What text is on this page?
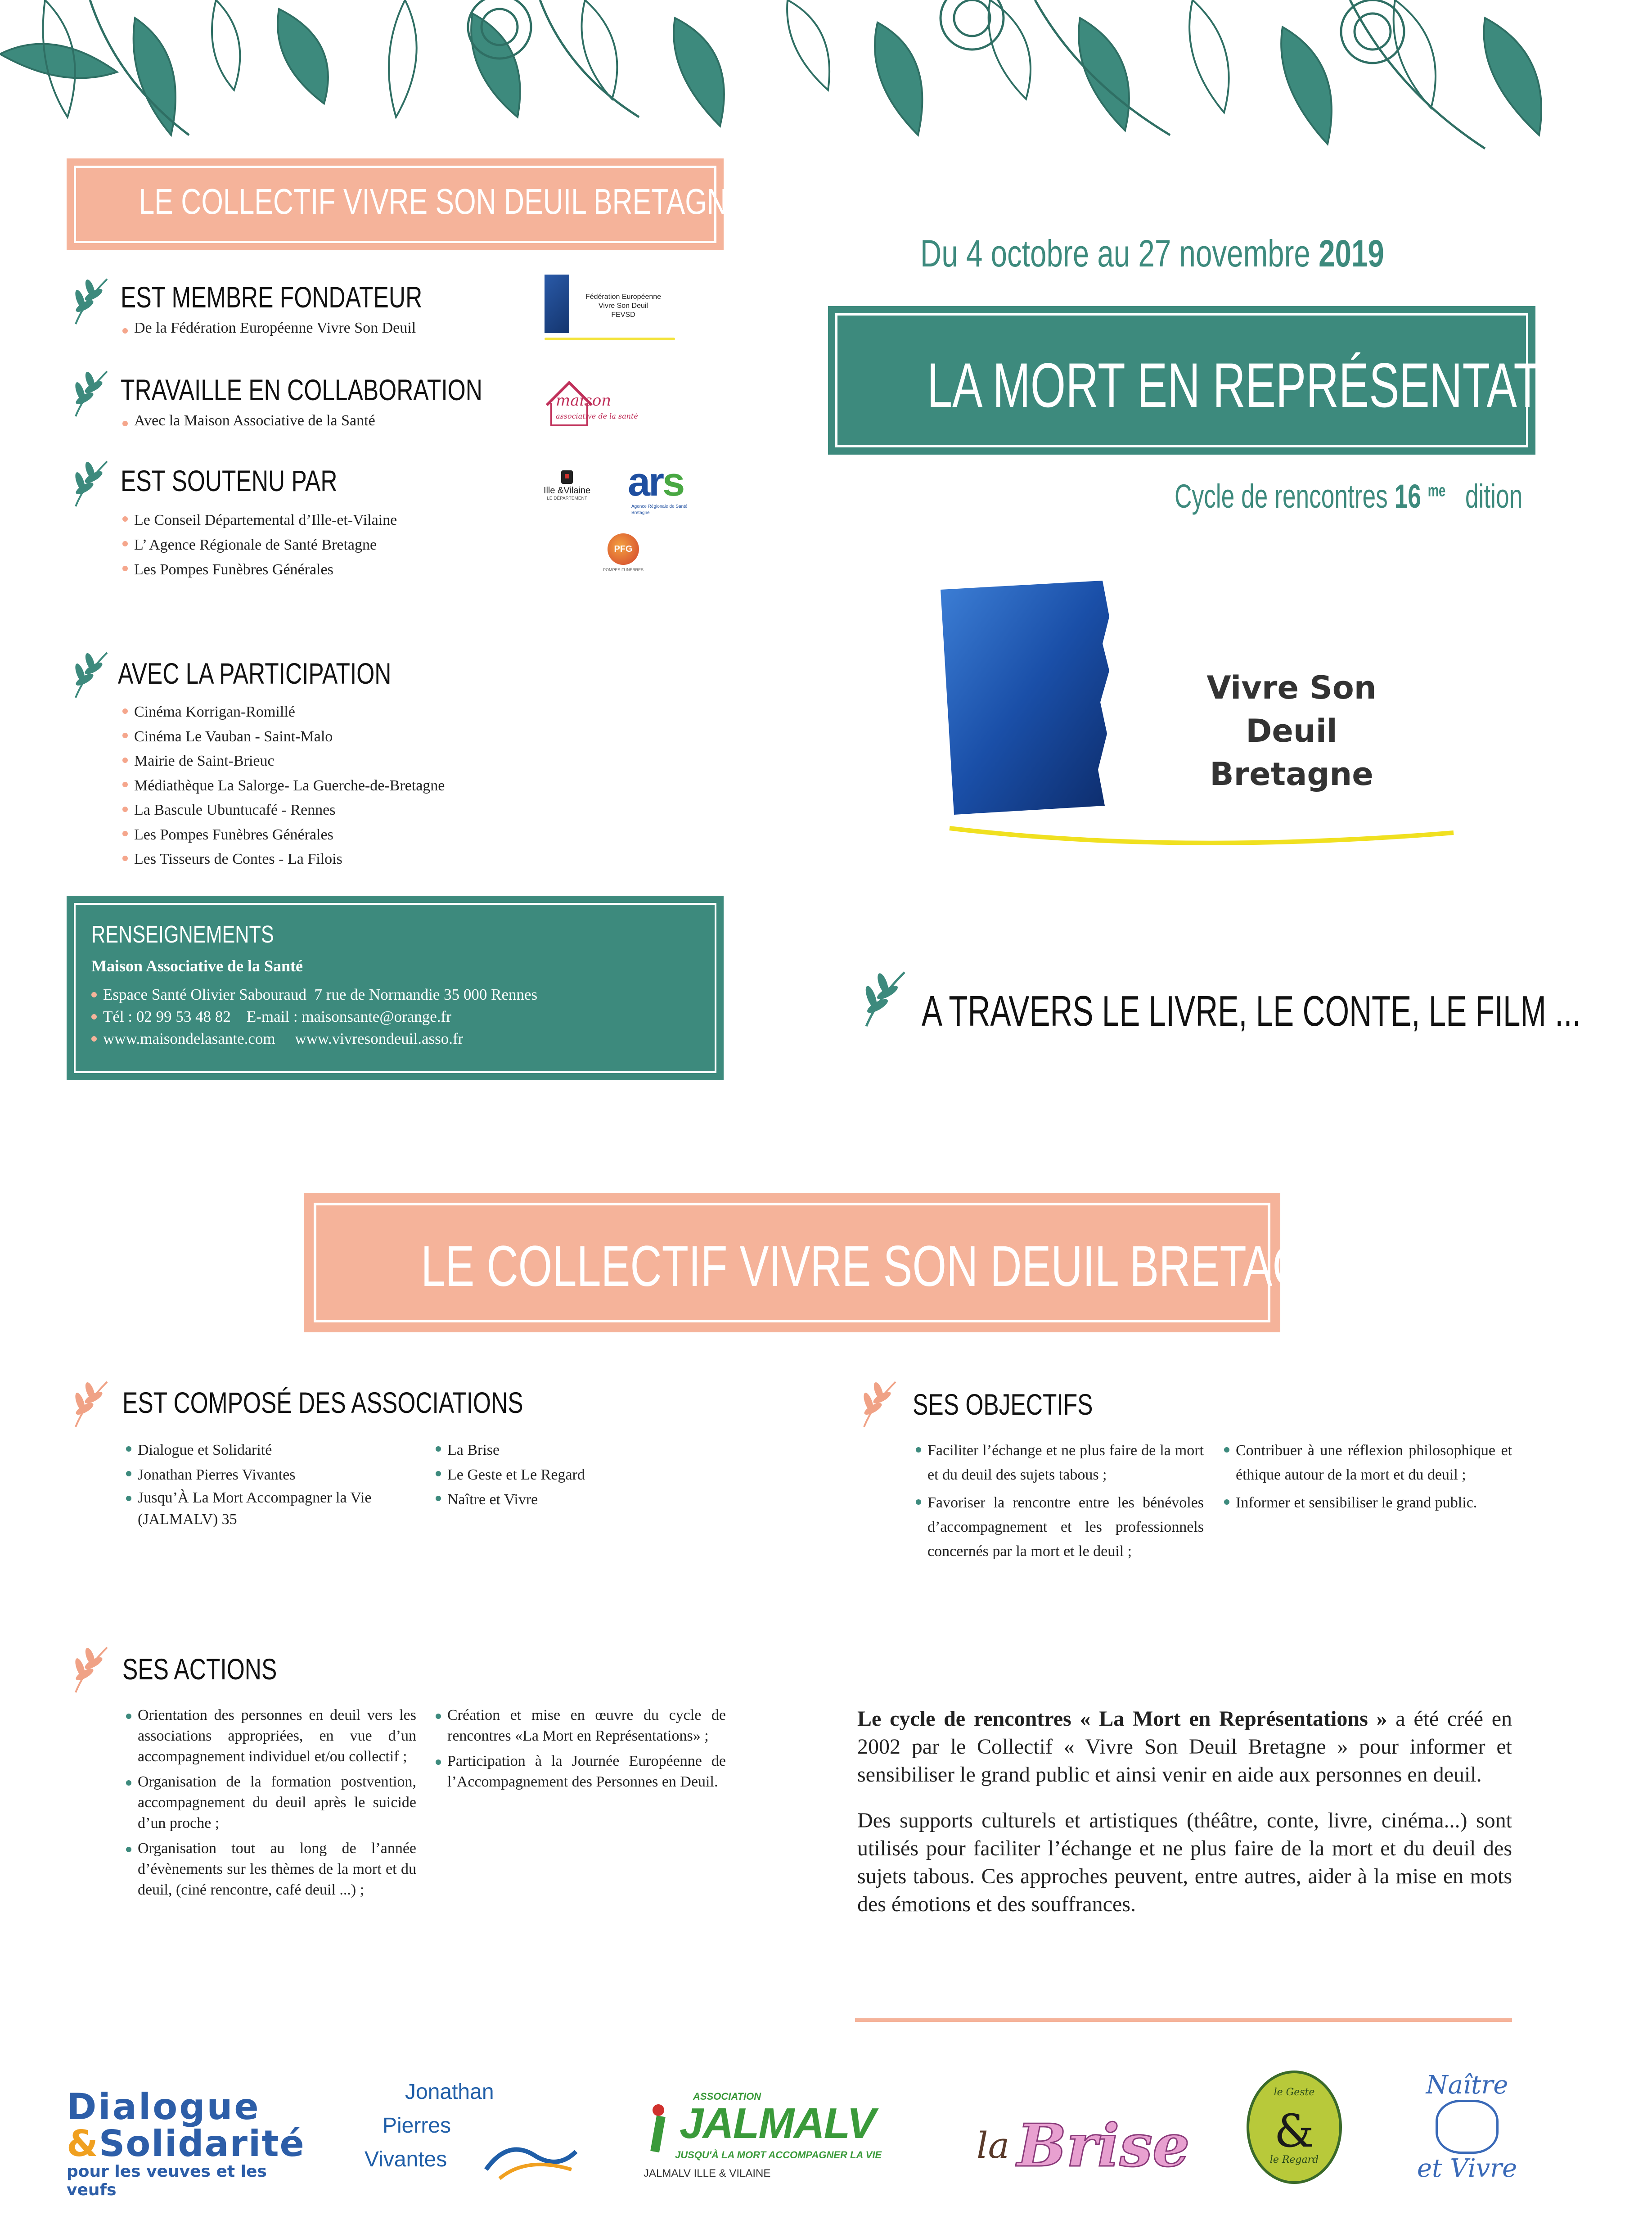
LE COLLECTIF VIVRE SON DEUIL BRETAGNE
EST MEMBRE FONDATEUR
De la Fédération Européenne Vivre Son Deuil
Fédération Européenne
Vivre Son Deuil
FEVSD
TRAVAILLE EN COLLABORATION
Avec la Maison Associative de la Santé
maison
associative de la santé
EST SOUTENU PAR
Le Conseil Départemental d’Ille-et-Vilaine
L’ Agence Régionale de Santé Bretagne
Les Pompes Funèbres Générales
Ille &Vilaine
LE DÉPARTEMENT ars
Agence Régionale de Santé
Bretagne
PFG
POMPES FUNÈBRES
AVEC LA PARTICIPATION
Cinéma Korrigan-Romillé
Cinéma Le Vauban - Saint-Malo
Mairie de Saint-Brieuc
Médiathèque La Salorge- La Guerche-de-Bretagne
La Bascule Ubuntucafé - Rennes
Les Pompes Funèbres Générales
Les Tisseurs de Contes - La Filois
RENSEIGNEMENTS
Maison Associative de la Santé
Espace Santé Olivier Sabouraud  7 rue de Normandie 35 000 Rennes
Tél : 02 99 53 48 82    E-mail : maisonsante@orange.fr
www.maisondelasante.com     www.vivresondeuil.asso.fr
Du 4 octobre au 27 novembre 2019
LA MORT EN REPRÉSENTATIONS
Cycle de rencontres 16 $^{me}$ dition
Vivre Son Deuil
Bretagne
A TRAVERS LE LIVRE, LE CONTE, LE FILM ...
LE COLLECTIF VIVRE SON DEUIL BRETAGNE
EST COMPOSÉ DES ASSOCIATIONS
Dialogue et Solidarité
Jonathan Pierres Vivantes
Jusqu’À La Mort Accompagner la Vie (JALMALV) 35
La Brise
Le Geste et Le Regard
Naître et Vivre
SES OBJECTIFS
Faciliter l’échange et ne plus faire de la mort et du deuil des sujets tabous ;
Favoriser la rencontre entre les bénévoles d’accompagnement et les professionnels concernés par la mort et le deuil ;
Contribuer à une réflexion philosophique et éthique autour de la mort et du deuil ;
Informer et sensibiliser le grand public.
SES ACTIONS
Orientation des personnes en deuil vers les associations appropriées, en vue d’un accompagnement individuel et/ou collectif ;
Organisation de la formation postvention, accompagnement du deuil après le suicide d’un proche ;
Organisation tout au long de l’année d’évènements sur les thèmes de la mort et du deuil, (ciné rencontre, café deuil ...) ;
Création et mise en œuvre du cycle de rencontres «La Mort en Représentations» ;
Participation à la Journée Européenne de l’Accompagnement des Personnes en Deuil.

Le cycle de rencontres « La Mort en Représentations » a été créé en 2002 par le Collectif « Vivre Son Deuil Bretagne » pour informer et sensibiliser le grand public et ainsi venir en aide aux personnes en deuil.

Des supports culturels et artistiques (théâtre, conte, livre, cinéma...) sont utilisés pour faciliter l’échange et ne plus faire de la mort et du deuil des sujets tabous. Ces approches peuvent, entre autres, aider à la mise en mots des émotions et des souffrances.

Dialogue
&Solidarité
pour les veuves et les veufs
Jonathan
Pierres
Vivantes
ASSOCIATION
JALMALV
JUSQU'À LA MORT ACCOMPAGNER LA VIE
JALMALV ILLE & VILAINE
la Brise
le Geste
&
le Regard
Naître
et Vivre
